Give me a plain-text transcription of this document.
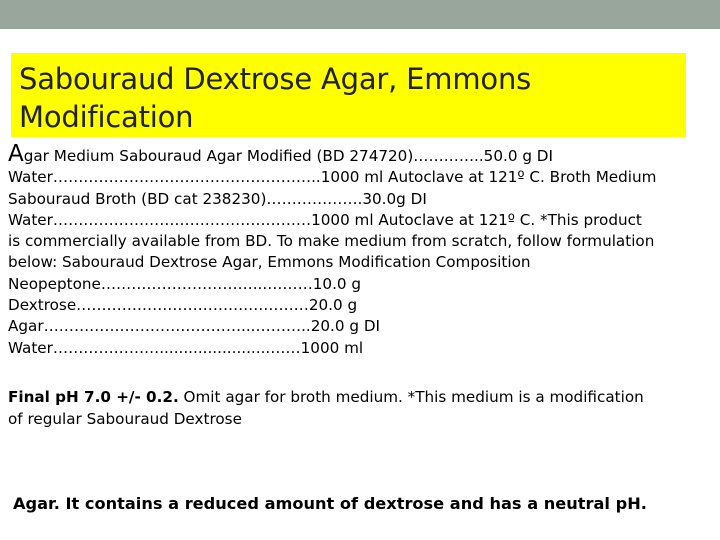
Sabouraud Dextrose Agar, Emmons
Modification

Agar Medium Sabouraud Agar Modified (BD 274720)…………..50.0 g DI
Water……………………………………………..1000 ml Autoclave at 121º C. Broth Medium
Sabouraud Broth (BD cat 238230)……………….30.0g DI
Water……………………………………………1000 ml Autoclave at 121º C. *This product
is commercially available from BD. To make medium from scratch, follow formulation
below: Sabouraud Dextrose Agar, Emmons Modification Composition
Neopeptone…………………………...………10.0 g
Dextrose…………………………….…………20.0 g
Agar…………………………………...………..20.0 g DI
Water………………….......................……1000 ml

Final pH 7.0 +/- 0.2. Omit agar for broth medium. *This medium is a modification
of regular Sabouraud Dextrose

Agar. It contains a reduced amount of dextrose and has a neutral pH.
